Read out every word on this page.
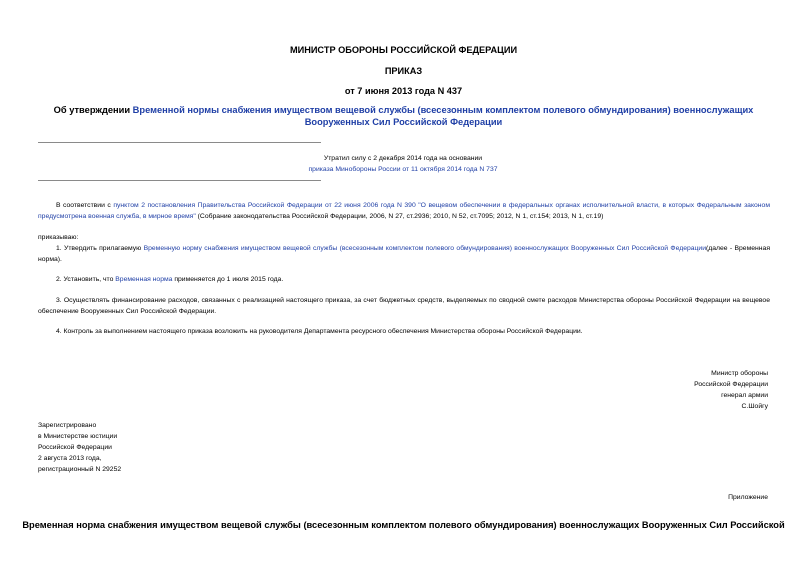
МИНИСТР ОБОРОНЫ РОССИЙСКОЙ ФЕДЕРАЦИИ
ПРИКАЗ
от 7 июня 2013 года N 437
Об утверждении Временной нормы снабжения имуществом вещевой службы (всесезонным комплектом полевого обмундирования) военнослужащих Вооруженных Сил Российской Федерации
Утратил силу с 2 декабря 2014 года на основании
приказа Минобороны России от 11 октября 2014 года N 737
В соответствии с пунктом 2 постановления Правительства Российской Федерации от 22 июня 2006 года N 390 "О вещевом обеспечении в федеральных органах исполнительной власти, в которых Федеральным законом предусмотрена военная служба, в мирное время" (Собрание законодательства Российской Федерации, 2006, N 27, ст.2936; 2010, N 52, ст.7095; 2012, N 1, ст.154; 2013, N 1, ст.19)
приказываю:
1. Утвердить прилагаемую Временную норму снабжения имуществом вещевой службы (всесезонным комплектом полевого обмундирования) военнослужащих Вооруженных Сил Российской Федерации(далее - Временная норма).
2. Установить, что Временная норма применяется до 1 июля 2015 года.
3. Осуществлять финансирование расходов, связанных с реализацией настоящего приказа, за счет бюджетных средств, выделяемых по сводной смете расходов Министерства обороны Российской Федерации на вещевое обеспечение Вооруженных Сил Российской Федерации.
4. Контроль за выполнением настоящего приказа возложить на руководителя Департамента ресурсного обеспечения Министерства обороны Российской Федерации.
Министр обороны
Российской Федерации
генерал армии
С.Шойгу
Зарегистрировано
в Министерстве юстиции
Российской Федерации
2 августа 2013 года,
регистрационный N 29252
Приложение
Временная норма снабжения имуществом вещевой службы (всесезонным комплектом полевого обмундирования) военнослужащих Вооруженных Сил Российской
